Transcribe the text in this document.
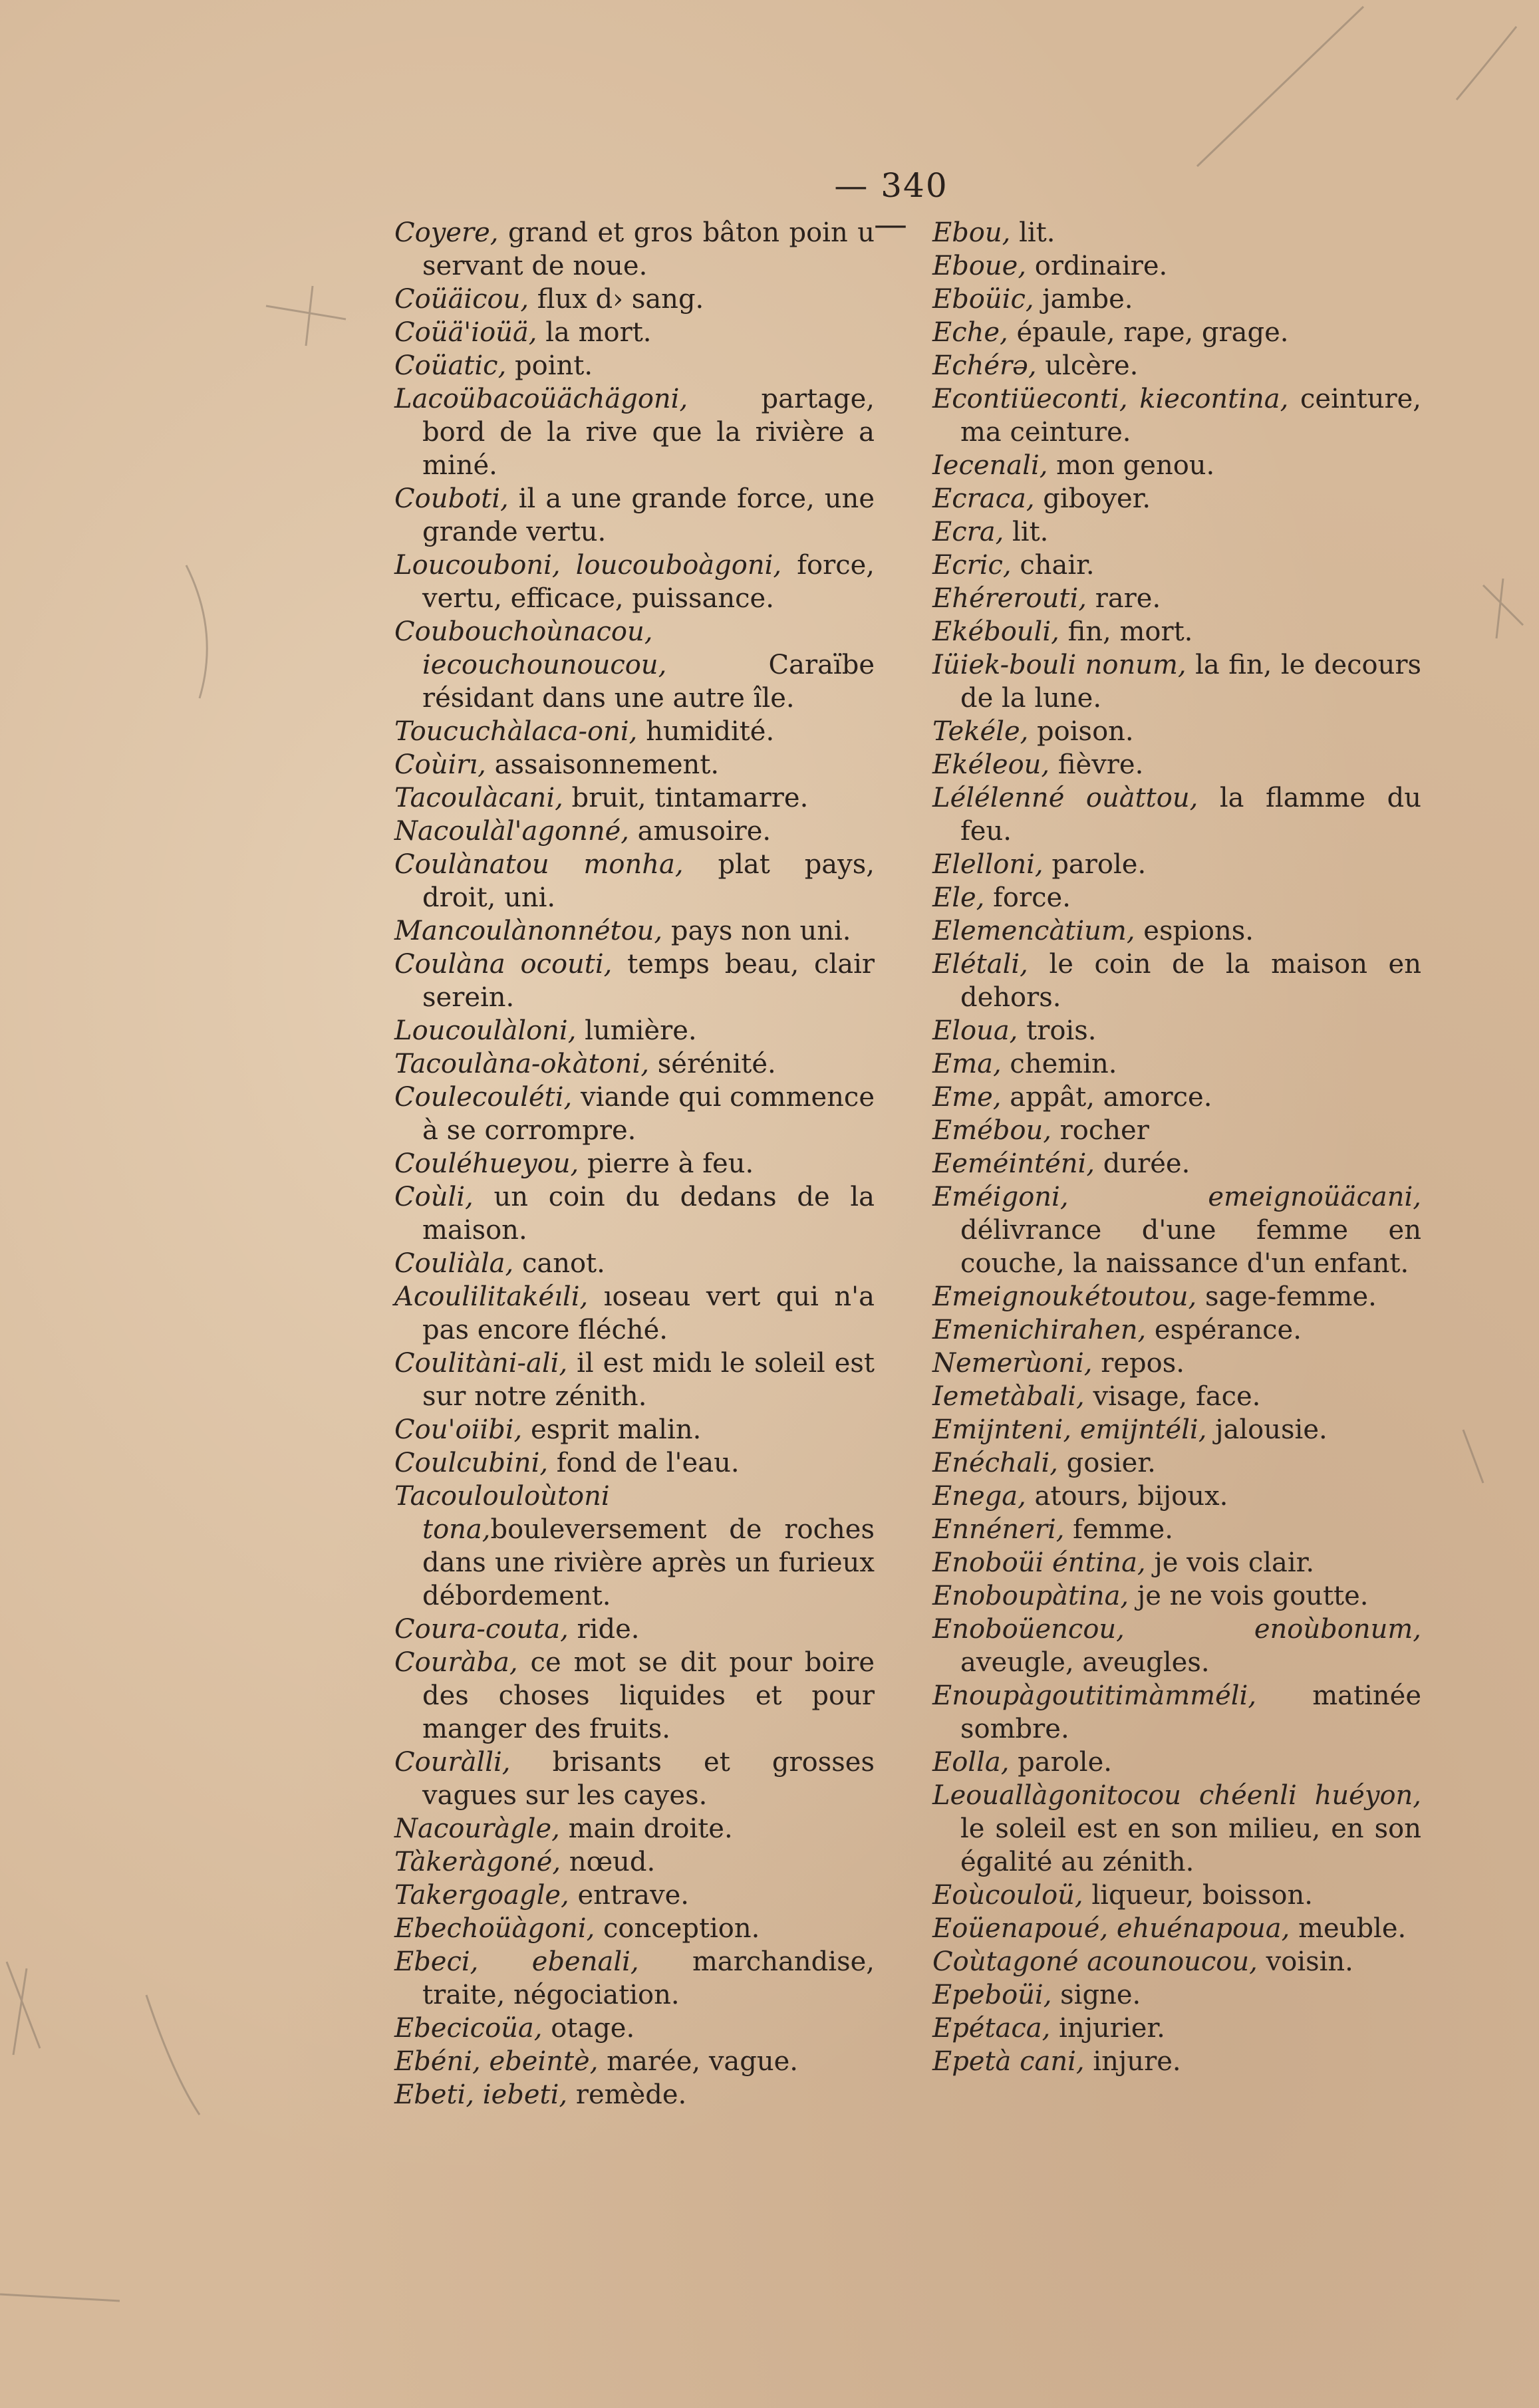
— 340 —
Coyere, grand et gros bâton poin u servant de noue.
Coüäicou, flux d› sang.
Coüä'ioüä, la mort.
Coüatic, point.
Lacoübacoüächägoni, partage, bord de la rive que la rivière a miné.
Couboti, il a une grande force, une grande vertu.
Loucouboni, loucouboàgoni, force, vertu, efficace, puissance.
Coubouchoùnacou, iecouchounoucou, Caraïbe résidant dans une autre île.
Toucuchàlaca-oni, humidité.
Coùirı, assaisonnement.
Tacoulàcani, bruit, tintamarre.
Nacoulàl'agonné, amusoire.
Coulànatou monha, plat pays, droit, uni.
Mancoulànonnétou, pays non uni.
Coulàna ocouti, temps beau, clair serein.
Loucoulàloni, lumière.
Tacoulàna-okàtoni, sérénité.
Coulecouléti, viande qui commence à se corrompre.
Couléhueyou, pierre à feu.
Coùli, un coin du dedans de la maison.
Couliàla, canot.
Acoulilitakéıli, ıoseau vert qui n'a pas encore fléché.
Coulitàni-ali, il est midı le soleil est sur notre zénith.
Cou'oiibi, esprit malin.
Coulcubini, fond de l'eau.
Tacoulouloùtoni tona,bouleversement de roches dans une rivière après un furieux débordement.
Coura-couta, ride.
Couràba, ce mot se dit pour boire des choses liquides et pour manger des fruits.
Couràlli, brisants et grosses vagues sur les cayes.
Nacouràgle, main droite.
Tàkeràgoné, nœud.
Takergoagle, entrave.
Ebechoüàgoni, conception.
Ebeci, ebenali, marchandise, traite, négociation.
Ebecicoüa, otage.
Ebéni, ebeintè, marée, vague.
Ebeti, iebeti, remède.
Ebou, lit.
Eboue, ordinaire.
Eboüic, jambe.
Eche, épaule, rape, grage.
Echérə, ulcère.
Econtiüeconti, kiecontina, ceinture, ma ceinture.
Iecenali, mon genou.
Ecraca, giboyer.
Ecra, lit.
Ecric, chair.
Ehérerouti, rare.
Ekébouli, fin, mort.
Iüiek-bouli nonum, la fin, le decours de la lune.
Tekéle, poison.
Ekéleou, fièvre.
Lélélenné ouàttou, la flamme du feu.
Elelloni, parole.
Ele, force.
Elemencàtium, espions.
Elétali, le coin de la maison en dehors.
Eloua, trois.
Ema, chemin.
Eme, appât, amorce.
Emébou, rocher
Eeméinténi, durée.
Eméigoni, emeignoüäcani, délivrance d'une femme en couche, la naissance d'un enfant.
Emeignoukétoutou, sage-femme.
Emenichirahen, espérance.
Nemerùoni, repos.
Iemetàbali, visage, face.
Emijnteni, emijntéli, jalousie.
Enéchali, gosier.
Enega, atours, bijoux.
Ennéneri, femme.
Enoboüi éntina, je vois clair.
Enoboupàtina, je ne vois goutte.
Enoboüencou, enoùbonum, aveugle, aveugles.
Enoupàgoutitimàmméli, matinée sombre.
Eolla, parole.
Leouallàgonitocou chéenli huéyon, le soleil est en son milieu, en son égalité au zénith.
Eoùcouloü, liqueur, boisson.
Eoüenapoué, ehuénapoua, meuble.
Coùtagoné acounoucou, voisin.
Epeboüi, signe.
Epétaca, injurier.
Epetà cani, injure.
